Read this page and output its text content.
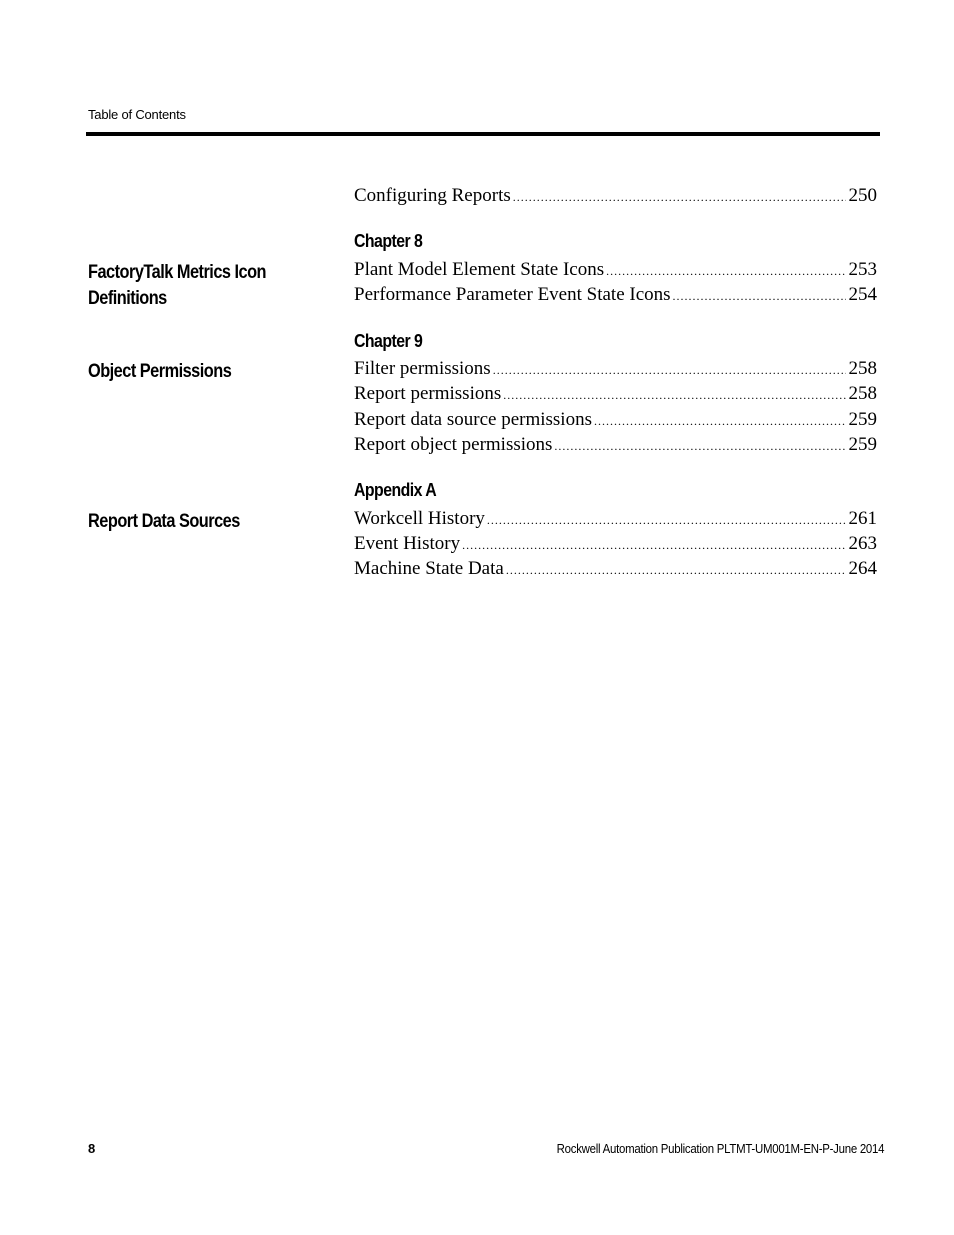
Table of Contents
Configuring Reports .....	250
Chapter 8
FactoryTalk Metrics Icon Definitions
Plant Model Element State Icons .....	253
Performance Parameter Event State Icons .....	254
Chapter 9
Object Permissions	Filter permissions .....	258
Report permissions .....	258
Report data source permissions .....	259
Report object permissions .....	259
Appendix A
Report Data Sources	Workcell History .....	261
Event History .....	263
Machine State Data .....	264
8	Rockwell Automation Publication PLTMT-UM001M-EN-P-June 2014
